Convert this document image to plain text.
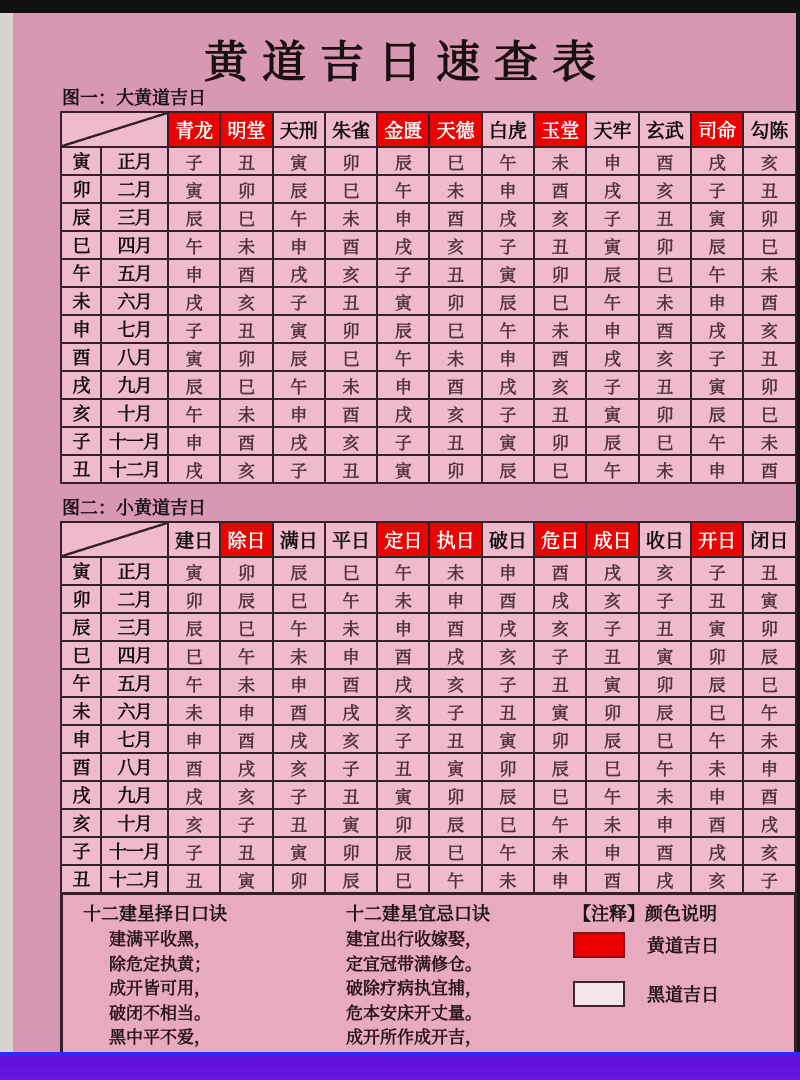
黄道吉日速查表
图一：大黄道吉日
		青龙	明堂	天刑	朱雀	金匮	天德	白虎	玉堂	天牢	玄武	司命	勾陈
寅	正月	子	丑	寅	卯	辰	巳	午	未	申	酉	戌	亥
卯	二月	寅	卯	辰	巳	午	未	申	酉	戌	亥	子	丑
辰	三月	辰	巳	午	未	申	酉	戌	亥	子	丑	寅	卯
巳	四月	午	未	申	酉	戌	亥	子	丑	寅	卯	辰	巳
午	五月	申	酉	戌	亥	子	丑	寅	卯	辰	巳	午	未
未	六月	戌	亥	子	丑	寅	卯	辰	巳	午	未	申	酉
申	七月	子	丑	寅	卯	辰	巳	午	未	申	酉	戌	亥
酉	八月	寅	卯	辰	巳	午	未	申	酉	戌	亥	子	丑
戌	九月	辰	巳	午	未	申	酉	戌	亥	子	丑	寅	卯
亥	十月	午	未	申	酉	戌	亥	子	丑	寅	卯	辰	巳
子	十一月	申	酉	戌	亥	子	丑	寅	卯	辰	巳	午	未
丑	十二月	戌	亥	子	丑	寅	卯	辰	巳	午	未	申	酉
图二：小黄道吉日
		建日	除日	满日	平日	定日	执日	破日	危日	成日	收日	开日	闭日
寅	正月	寅	卯	辰	巳	午	未	申	酉	戌	亥	子	丑
卯	二月	卯	辰	巳	午	未	申	酉	戌	亥	子	丑	寅
辰	三月	辰	巳	午	未	申	酉	戌	亥	子	丑	寅	卯
巳	四月	巳	午	未	申	酉	戌	亥	子	丑	寅	卯	辰
午	五月	午	未	申	酉	戌	亥	子	丑	寅	卯	辰	巳
未	六月	未	申	酉	戌	亥	子	丑	寅	卯	辰	巳	午
申	七月	申	酉	戌	亥	子	丑	寅	卯	辰	巳	午	未
酉	八月	酉	戌	亥	子	丑	寅	卯	辰	巳	午	未	申
戌	九月	戌	亥	子	丑	寅	卯	辰	巳	午	未	申	酉
亥	十月	亥	子	丑	寅	卯	辰	巳	午	未	申	酉	戌
子	十一月	子	丑	寅	卯	辰	巳	午	未	申	酉	戌	亥
丑	十二月	丑	寅	卯	辰	巳	午	未	申	酉	戌	亥	子
十二建星择日口诀
建满平收黑，
除危定执黄；
成开皆可用，
破闭不相当。
黑中平不爱，
十二建星宜忌口诀
建宜出行收嫁娶，
定宜冠带满修仓。
破除疗病执宜捕，
危本安床开丈量。
成开所作成开吉，
【注释】颜色说明
黄道吉日
黑道吉日
